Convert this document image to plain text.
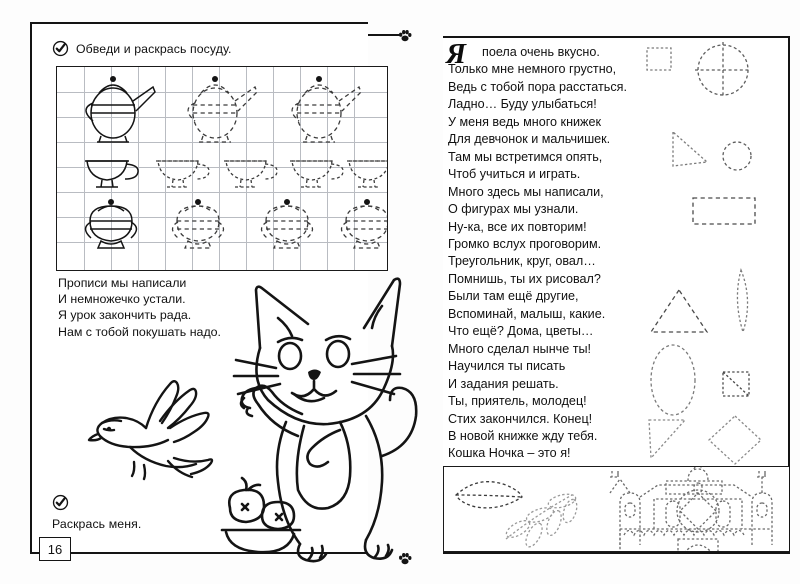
Обведи и раскрась посуду.

Прописи мы написали

И немножечко устали.

Я урок закончить рада.

Нам с тобой покушать надо.

Раскрась меня.
16
Я	поела очень вкусно.

Только мне немного грустно,

Ведь с тобой пора расстаться.

Ладно… Буду улыбаться!

У меня ведь много книжек

Для девчонок и мальчишек.

Там мы встретимся опять,

Чтоб учиться и играть.

Много здесь мы написали,

О фигурах мы узнали.

Ну-ка, все их повторим!

Громко вслух проговорим.

Треугольник, круг, овал…

Помнишь, ты их рисовал?

Были там ещё другие,

Вспоминай, малыш, какие.

Что ещё? Дома, цветы…

Много сделал нынче ты!

Научился ты писать

И задания решать.

Ты, приятель, молодец!

Стих закончился. Конец!

В новой книжке жду тебя.

Кошка Ночка – это я!
